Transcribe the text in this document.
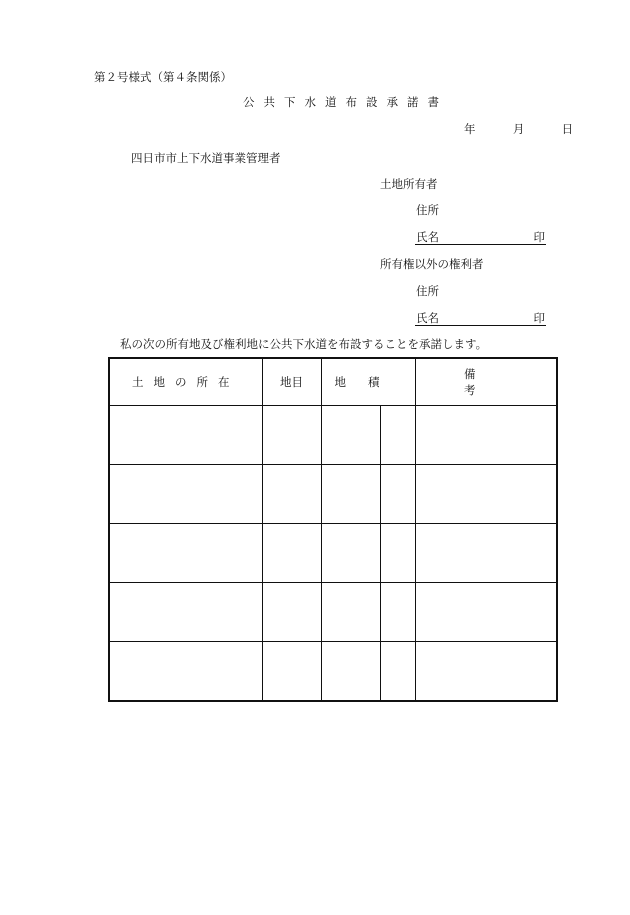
第２号様式（第４条関係）
公共下水道布設承諾書
年	月	日
四日市市上下水道事業管理者
土地所有者
住所
氏名	印
所有権以外の権利者
住所
氏名	印
私の次の所有地及び権利地に公共下水道を布設することを承諾します。
土地の所在	地目	地積		備考
